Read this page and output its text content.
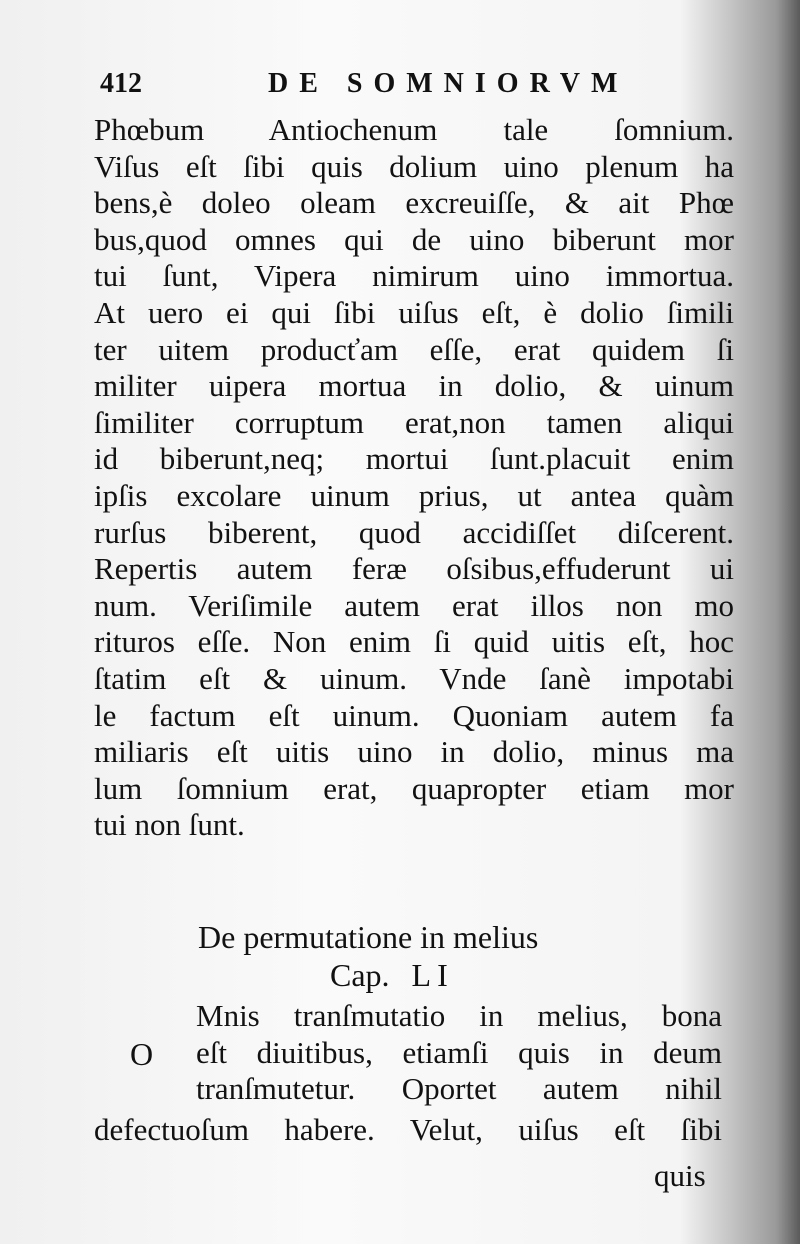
412	DE SOMNIORVM
Phœbum Antiochenum tale ſomnium.
Viſus eſt ſibi quis dolium uino plenum ha
bens,è doleo oleam excreuiſſe, & ait Phœ
bus,quod omnes qui de uino biberunt mor
tui ſunt, Vipera nimirum uino immortua.
At uero ei qui ſibi uiſus eſt, è dolio ſimili
ter uitem producťam eſſe, erat quidem ſi
militer uipera mortua in dolio, & uinum
ſimiliter corruptum erat,non tamen aliqui
id biberunt,neq; mortui ſunt.placuit enim
ipſis excolare uinum prius, ut antea quàm
rurſus biberent, quod accidiſſet diſcerent.
Repertis autem feræ oſsibus,effuderunt ui
num. Veriſimile autem erat illos non mo
rituros eſſe. Non enim ſi quid uitis eſt, hoc
ſtatim eſt & uinum. Vnde ſanè impotabi
le factum eſt uinum. Quoniam autem fa
miliaris eſt uitis uino in dolio, minus ma
lum ſomnium erat, quapropter etiam mor
tui non ſunt.
De permutatione in melius
Cap. LI
O
Mnis tranſmutatio in melius, bona
eſt diuitibus, etiamſi quis in deum
tranſmutetur. Oportet autem nihil
defectuoſum habere. Velut, uiſus eſt ſibi
quis
